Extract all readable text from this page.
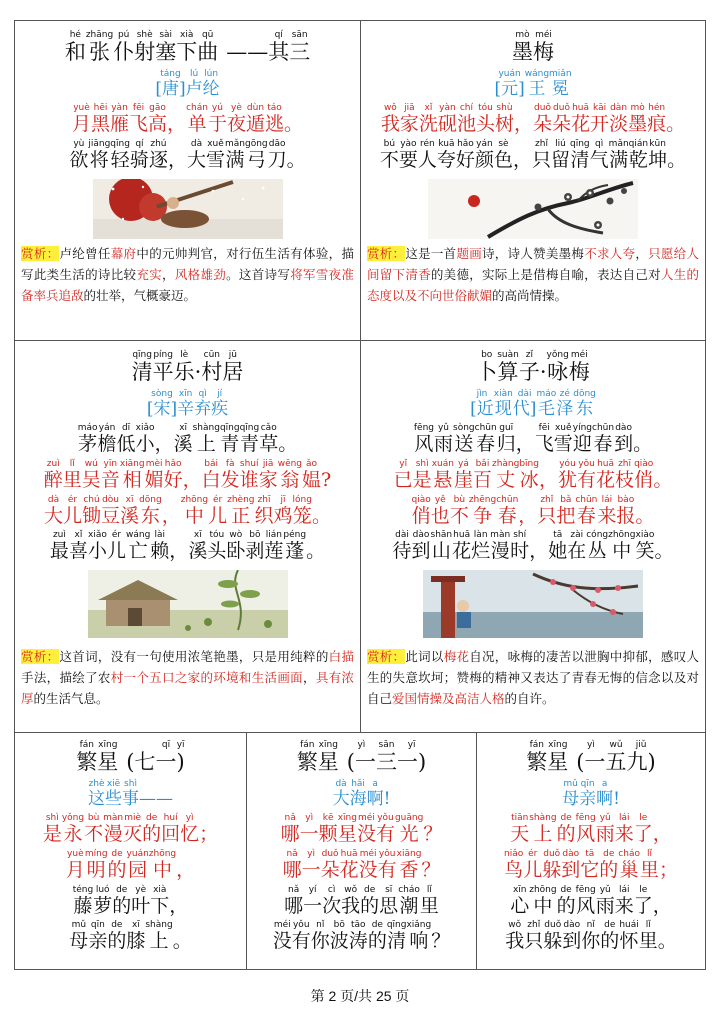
hé
和
zhāng
张
pú
仆
shè
射
sài
塞
xià
下
qū
曲 ——
qí
其
sān
三
táng
[唐]
lú
卢
lún
纶
yuè
月
hēi
黑
yàn
雁
fēi
飞
gāo
高 ，
chán
单
yú
于
yè
夜
dùn
遁
táo
逃 。
yù
欲
jiāng
将
qīng
轻
qí
骑
zhú
逐 ，
dà
大
xuě
雪
mǎn
满
gōng
弓
dāo
刀 。
赏析：卢纶曾任幕府中的元帅判官，对行伍生活有体验，描写此类生活的诗比较充实，风格雄劲。这首诗写将军雪夜准备率兵追敌的壮举，气概豪迈。
mò
墨
méi
梅
yuán
[元]
wáng
王
miǎn
冕
wǒ
我
jiā
家
xǐ
洗
yàn
砚
chí
池
tóu
头
shù
树 ，
duǒ
朵
duǒ
朵
huā
花
kāi
开
dàn
淡
mò
墨
hén
痕 。
bú
不
yào
要
rén
人
kuā
夸
hǎo
好
yán
颜
sè
色 ，
zhǐ
只
liú
留
qīng
清
qì
气
mǎn
满
qián
乾
kūn
坤 。
赏析：这是一首题画诗，诗人赞美墨梅不求人夸，只愿给人间留下清香的美德，实际上是借梅自喻，表达自己对人生的态度以及不向世俗献媚的高尚情操。
qīng
清
píng
平
lè
乐 ·
cūn
村
jū
居
sòng
[宋]
xīn
辛
qì
弃
jí
疾
máo
茅
yán
檐
dī
低
xiǎo
小 ，
xī
溪
shàng
上
qīng
青
qīng
青
cǎo
草 。
zuì
醉
lǐ
里
wú
吴
yīn
音
xiāng
相
mèi
媚
hǎo
好 ，
bái
白
fà
发
shuí
谁
jiā
家
wēng
翁
ǎo
媪 ?
dà
大
ér
儿
chú
锄
dòu
豆
xī
溪
dōng
东 ，
zhōng
中
ér
儿
zhèng
正
zhī
织
jī
鸡
lóng
笼 。
zuì
最
xǐ
喜
xiǎo
小
ér
儿
wáng
亡
lài
赖 ，
xī
溪
tóu
头
wò
卧
bō
剥
lián
莲
péng
蓬 。
赏析：这首词，没有一句使用浓笔艳墨，只是用纯粹的白描手法，描绘了农村一个五口之家的环境和生活画面，具有浓厚的生活气息。
bo
卜
suàn
算
zǐ
子 ·
yǒng
咏
méi
梅
jìn
[近
xiàn
现
dài
代]
máo
毛
zé
泽
dōng
东
fēng
风
yǔ
雨
sòng
送
chūn
春
guī
归 ，
fēi
飞
xuě
雪
yíng
迎
chūn
春
dào
到 。
yǐ
已
shì
是
xuán
悬
yá
崖
bǎi
百
zhàng
丈
bīng
冰 ，
yóu
犹
yǒu
有
huā
花
zhī
枝
qiào
俏 。
qiào
俏
yě
也
bù
不
zhēng
争
chūn
春 ，
zhǐ
只
bǎ
把
chūn
春
lái
来
bào
报 。
dài
待
dào
到
shān
山
huā
花
làn
烂
màn
漫
shí
时 ，
tā
她
zài
在
cóng
丛
zhōng
中
xiào
笑 。
赏析：此词以梅花自况，咏梅的凄苦以泄胸中抑郁，感叹人生的失意坎坷；赞梅的精神又表达了青春无悔的信念以及对自己爱国情操及高洁人格的自许。
fán
繁
xīng
星 (七
qī
一
yī
)
zhè
这
xiē
些
shì
事 ——
shì
是
yǒng
永
bù
不
màn
漫
miè
灭
de
的
huí
回
yì
忆 ；
yuè
月
míng
明
de
的
yuán
园
zhōng
中 ，
téng
藤
luó
萝
de
的
yè
叶
xià
下 ，
mǔ
母
qīn
亲
de
的
xī
膝
shàng
上 。
fán
繁
xīng
星
yì
(一
sān
三
yī
一)
dà
大
hǎi
海
a
啊 !
nǎ
哪
yì
一
kē
颗
xīng
星
méi
没
yǒu
有
guāng
光 ？
nǎ
哪
yì
一
duǒ
朵
huā
花
méi
没
yǒu
有
xiāng
香 ？
nǎ
哪
yí
一
cì
次
wǒ
我
de
的
sī
思
cháo
潮
lǐ
里
méi
没
yǒu
有
nǐ
你
bō
波
tāo
涛
de
的
qīng
清
xiǎng
响 ？
fán
繁
xīng
星
yì
(一
wǔ
五
jiǔ
九)
mǔ
母
qīn
亲
a
啊 !
tiān
天
shàng
上
de
的
fēng
风
yǔ
雨
lái
来
le
了 ，
niǎo
鸟
ér
儿
duǒ
躲
dào
到
tā
它
de
的
cháo
巢
lǐ
里 ；
xīn
心
zhōng
中
de
的
fēng
风
yǔ
雨
lái
来
le
了 ，
wǒ
我
zhǐ
只
duǒ
躲
dào
到
nǐ
你
de
的
huái
怀
lǐ
里 。
第 2 页/共 25 页
